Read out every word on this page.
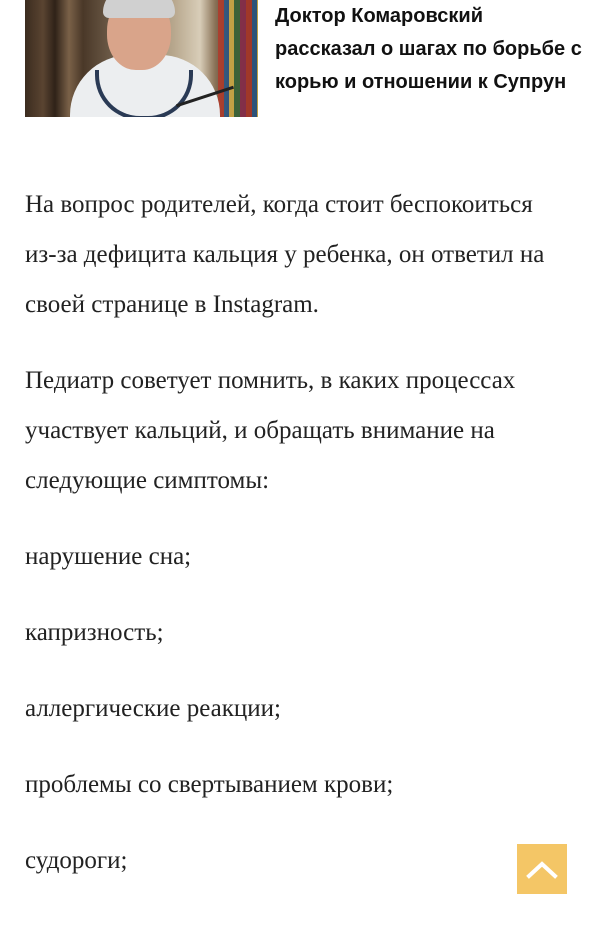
Доктор Комаровский рассказал о шагах по борьбе с корью и отношении к Супрун

На вопрос родителей, когда стоит беспокоиться из-за дефицита кальция у ребенка, он ответил на своей странице в Instagram.

Педиатр советует помнить, в каких процессах участвует кальций, и обращать внимание на следующие симптомы:

нарушение сна;

капризность;

аллергические реакции;

проблемы со свертыванием крови;

судороги;
